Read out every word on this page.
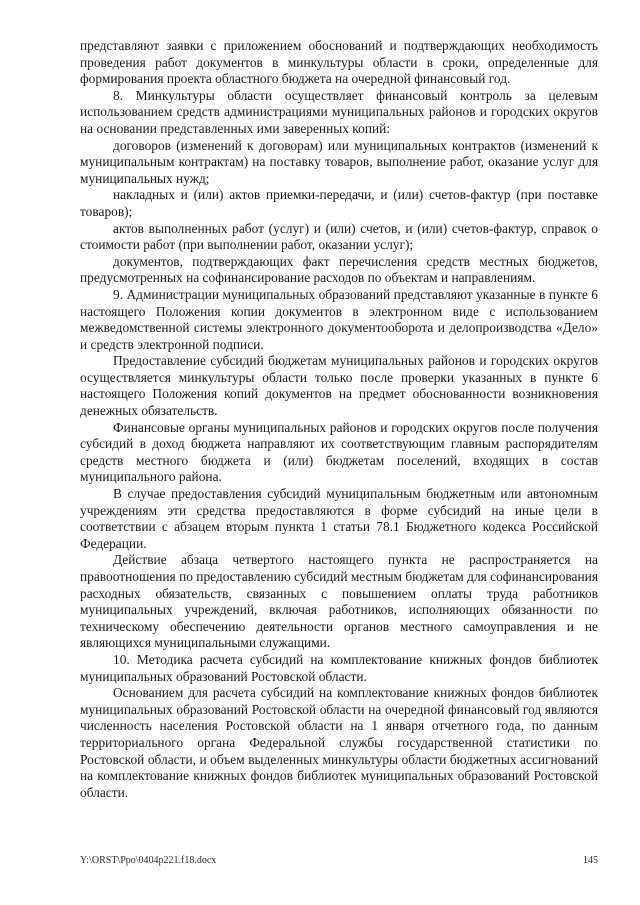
представляют заявки с приложением обоснований и подтверждающих необходимость проведения работ документов в минкультуры области в сроки, определенные для формирования проекта областного бюджета на очередной финансовый год.

8. Минкультуры области осуществляет финансовый контроль за целевым использованием средств администрациями муниципальных районов и городских округов на основании представленных ими заверенных копий:

договоров (изменений к договорам) или муниципальных контрактов (изменений к муниципальным контрактам) на поставку товаров, выполнение работ, оказание услуг для муниципальных нужд;

накладных и (или) актов приемки-передачи, и (или) счетов-фактур (при поставке товаров);

актов выполненных работ (услуг) и (или) счетов, и (или) счетов-фактур, справок о стоимости работ (при выполнении работ, оказании услуг);

документов, подтверждающих факт перечисления средств местных бюджетов, предусмотренных на софинансирование расходов по объектам и направлениям.

9. Администрации муниципальных образований представляют указанные в пункте 6 настоящего Положения копии документов в электронном виде с использованием межведомственной системы электронного документооборота и делопроизводства «Дело» и средств электронной подписи.

Предоставление субсидий бюджетам муниципальных районов и городских округов осуществляется минкультуры области только после проверки указанных в пункте 6 настоящего Положения копий документов на предмет обоснованности возникновения денежных обязательств.

Финансовые органы муниципальных районов и городских округов после получения субсидий в доход бюджета направляют их соответствующим главным распорядителям средств местного бюджета и (или) бюджетам поселений, входящих в состав муниципального района.

В случае предоставления субсидий муниципальным бюджетным или автономным учреждениям эти средства предоставляются в форме субсидий на иные цели в соответствии с абзацем вторым пункта 1 статьи 78.1 Бюджетного кодекса Российской Федерации.

Действие абзаца четвертого настоящего пункта не распространяется на правоотношения по предоставлению субсидий местным бюджетам для софинансирования расходных обязательств, связанных с повышением оплаты труда работников муниципальных учреждений, включая работников, исполняющих обязанности по техническому обеспечению деятельности органов местного самоуправления и не являющихся муниципальными служащими.

10. Методика расчета субсидий на комплектование книжных фондов библиотек муниципальных образований Ростовской области.

Основанием для расчета субсидий на комплектование книжных фондов библиотек муниципальных образований Ростовской области на очередной финансовый год являются численность населения Ростовской области на 1 января отчетного года, по данным территориального органа Федеральной службы государственной статистики по Ростовской области, и объем выделенных минкультуры области бюджетных ассигнований на комплектование книжных фондов библиотек муниципальных образований Ростовской области.

Y:\ORST\Ppo\0404p221.f18.docx	145
